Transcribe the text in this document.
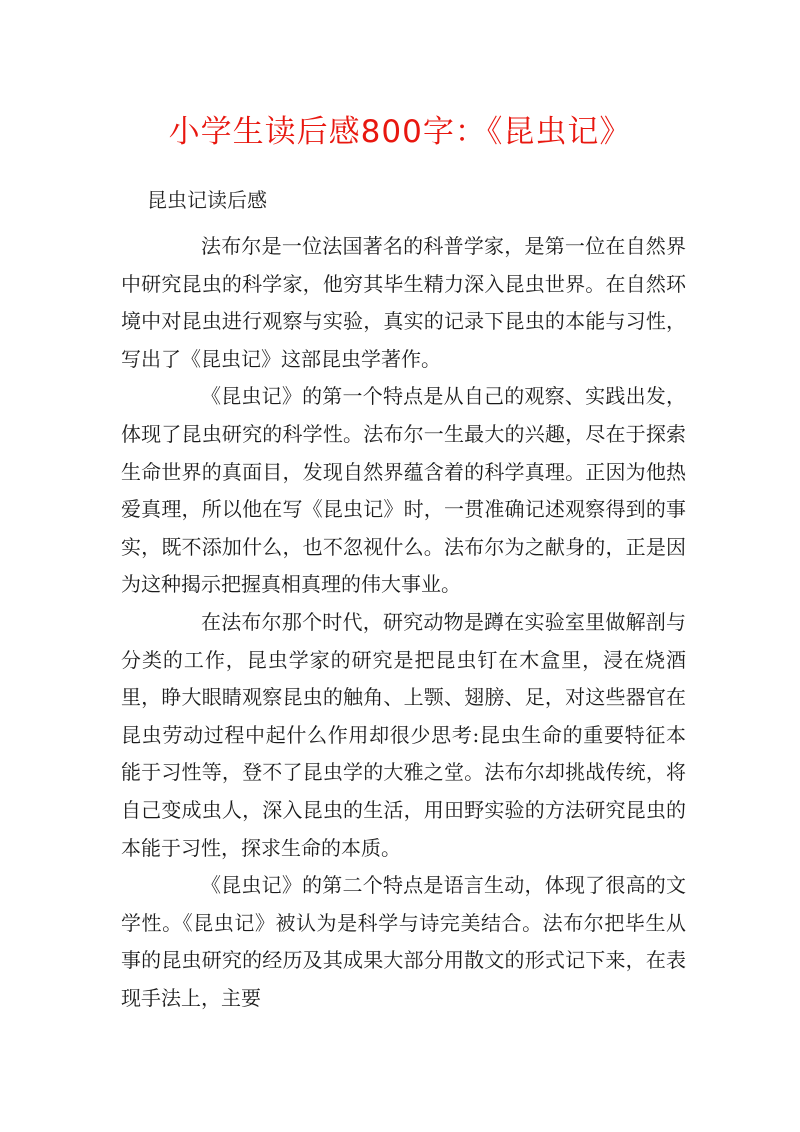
小学生读后感800字：《昆虫记》
昆虫记读后感

法布尔是一位法国著名的科普学家，是第一位在自然界中研究昆虫的科学家，他穷其毕生精力深入昆虫世界。在自然环境中对昆虫进行观察与实验，真实的记录下昆虫的本能与习性，写出了《昆虫记》这部昆虫学著作。

《昆虫记》的第一个特点是从自己的观察、实践出发，体现了昆虫研究的科学性。法布尔一生最大的兴趣，尽在于探索生命世界的真面目，发现自然界蕴含着的科学真理。正因为他热爱真理，所以他在写《昆虫记》时，一贯准确记述观察得到的事实，既不添加什么，也不忽视什么。法布尔为之献身的，正是因为这种揭示把握真相真理的伟大事业。

在法布尔那个时代，研究动物是蹲在实验室里做解剖与分类的工作，昆虫学家的研究是把昆虫钉在木盒里，浸在烧酒里，睁大眼睛观察昆虫的触角、上颚、翅膀、足，对这些器官在昆虫劳动过程中起什么作用却很少思考:昆虫生命的重要特征本能于习性等，登不了昆虫学的大雅之堂。法布尔却挑战传统，将自己变成虫人，深入昆虫的生活，用田野实验的方法研究昆虫的本能于习性，探求生命的本质。

《昆虫记》的第二个特点是语言生动，体现了很高的文学性。《昆虫记》被认为是科学与诗完美结合。法布尔把毕生从事的昆虫研究的经历及其成果大部分用散文的形式记下来，在表现手法上，主要
